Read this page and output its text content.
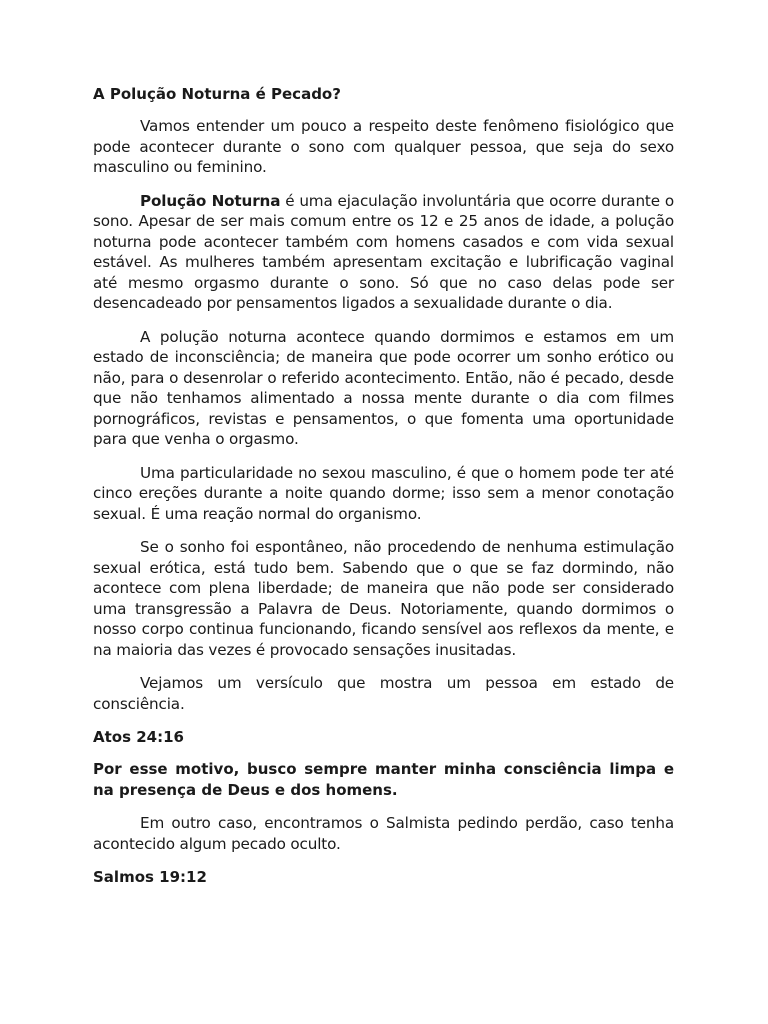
A Polução Noturna é Pecado?

Vamos entender um pouco a respeito deste fenômeno fisiológico que pode acontecer durante o sono com qualquer pessoa, que seja do sexo masculino ou feminino.

Polução Noturna é uma ejaculação involuntária que ocorre durante o sono. Apesar de ser mais comum entre os 12 e 25 anos de idade, a polução noturna pode acontecer também com homens casados e com vida sexual estável. As mulheres também apresentam excitação e lubrificação vaginal até mesmo orgasmo durante o sono. Só que no caso delas pode ser desencadeado por pensamentos ligados a sexualidade durante o dia.

A polução noturna acontece quando dormimos e estamos em um estado de inconsciência; de maneira que pode ocorrer um sonho erótico ou não, para o desenrolar o referido acontecimento. Então, não é pecado, desde que não tenhamos alimentado a nossa mente durante o dia com filmes pornográficos, revistas e pensamentos, o que fomenta uma oportunidade para que venha o orgasmo.

Uma particularidade no sexou masculino, é que o homem pode ter até cinco ereções durante a noite quando dorme; isso sem a menor conotação sexual. É uma reação normal do organismo.

Se o sonho foi espontâneo, não procedendo de nenhuma estimulação sexual erótica, está tudo bem. Sabendo que o que se faz dormindo, não acontece com plena liberdade; de maneira que não pode ser considerado uma transgressão a Palavra de Deus. Notoriamente, quando dormimos o nosso corpo continua funcionando, ficando sensível aos reflexos da mente, e na maioria das vezes é provocado sensações inusitadas.

Vejamos um versículo que mostra um pessoa em estado de consciência.

Atos 24:16
Por esse motivo, busco sempre manter minha consciência limpa e na presença de Deus e dos homens.

Em outro caso, encontramos o Salmista pedindo perdão, caso tenha acontecido algum pecado oculto.

Salmos 19:12
